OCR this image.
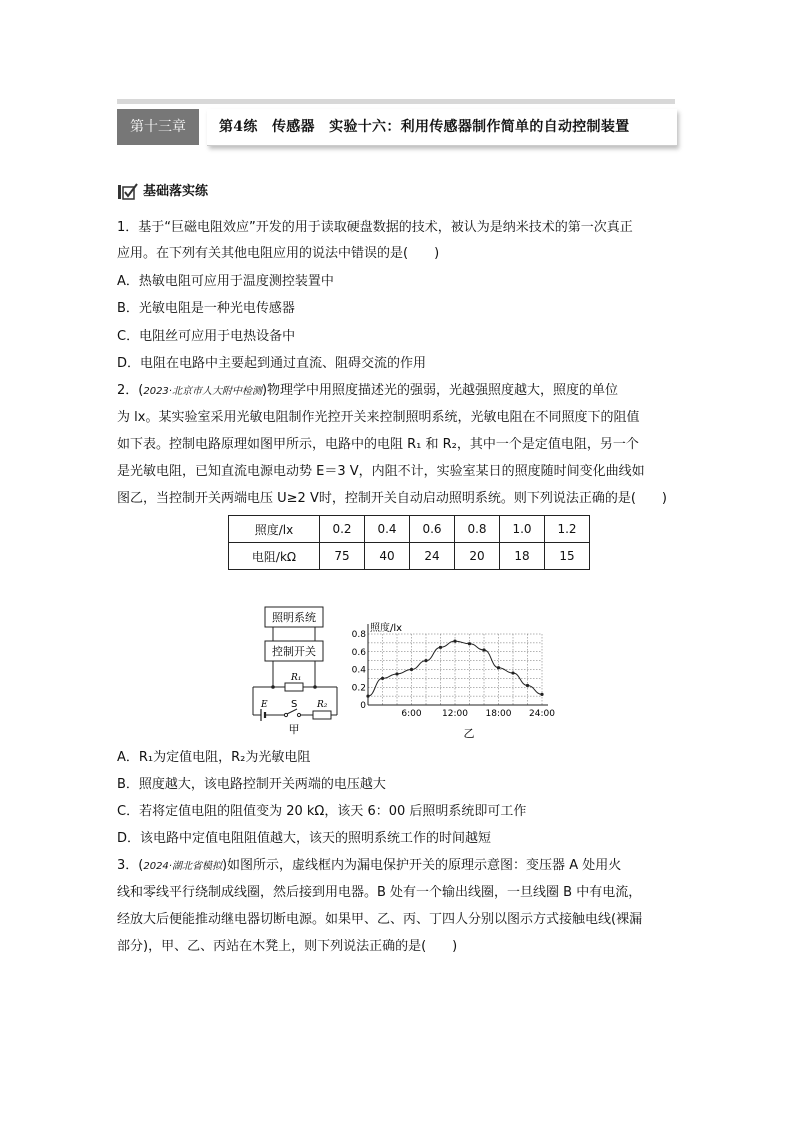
第十三章	第4练　传感器　实验十六：利用传感器制作简单的自动控制装置
基础落实练
1．基于“巨磁电阻效应”开发的用于读取硬盘数据的技术，被认为是纳米技术的第一次真正
应用。在下列有关其他电阻应用的说法中错误的是(　　)
A．热敏电阻可应用于温度测控装置中
B．光敏电阻是一种光电传感器
C．电阻丝可应用于电热设备中
D．电阻在电路中主要起到通过直流、阻碍交流的作用
2．(2023·北京市人大附中检测)物理学中用照度描述光的强弱，光越强照度越大，照度的单位
为 lx。某实验室采用光敏电阻制作光控开关来控制照明系统，光敏电阻在不同照度下的阻值
如下表。控制电路原理如图甲所示，电路中的电阻 R₁ 和 R₂，其中一个是定值电阻，另一个
是光敏电阻，已知直流电源电动势 E＝3 V，内阻不计，实验室某日的照度随时间变化曲线如
图乙，当控制开关两端电压 U≥2 V时，控制开关自动启动照明系统。则下列说法正确的是(　　)
照度/lx	0.2	0.4	0.6	0.8	1.0	1.2
电阻/kΩ	75	40	24	20	18	15
照明系统
控制开关
R₁
E S R₂
甲
0
0.2
0.4
0.6
0.8
6:00 12:00 18:00 24:00
照度/lx
乙
A．R₁为定值电阻，R₂为光敏电阻
B．照度越大，该电路控制开关两端的电压越大
C．若将定值电阻的阻值变为 20 kΩ，该天 6：00 后照明系统即可工作
D．该电路中定值电阻阻值越大，该天的照明系统工作的时间越短
3．(2024·湖北省模拟)如图所示，虚线框内为漏电保护开关的原理示意图：变压器 A 处用火
线和零线平行绕制成线圈，然后接到用电器。B 处有一个输出线圈，一旦线圈 B 中有电流，
经放大后便能推动继电器切断电源。如果甲、乙、丙、丁四人分别以图示方式接触电线(裸漏
部分)，甲、乙、丙站在木凳上，则下列说法正确的是(　　)
